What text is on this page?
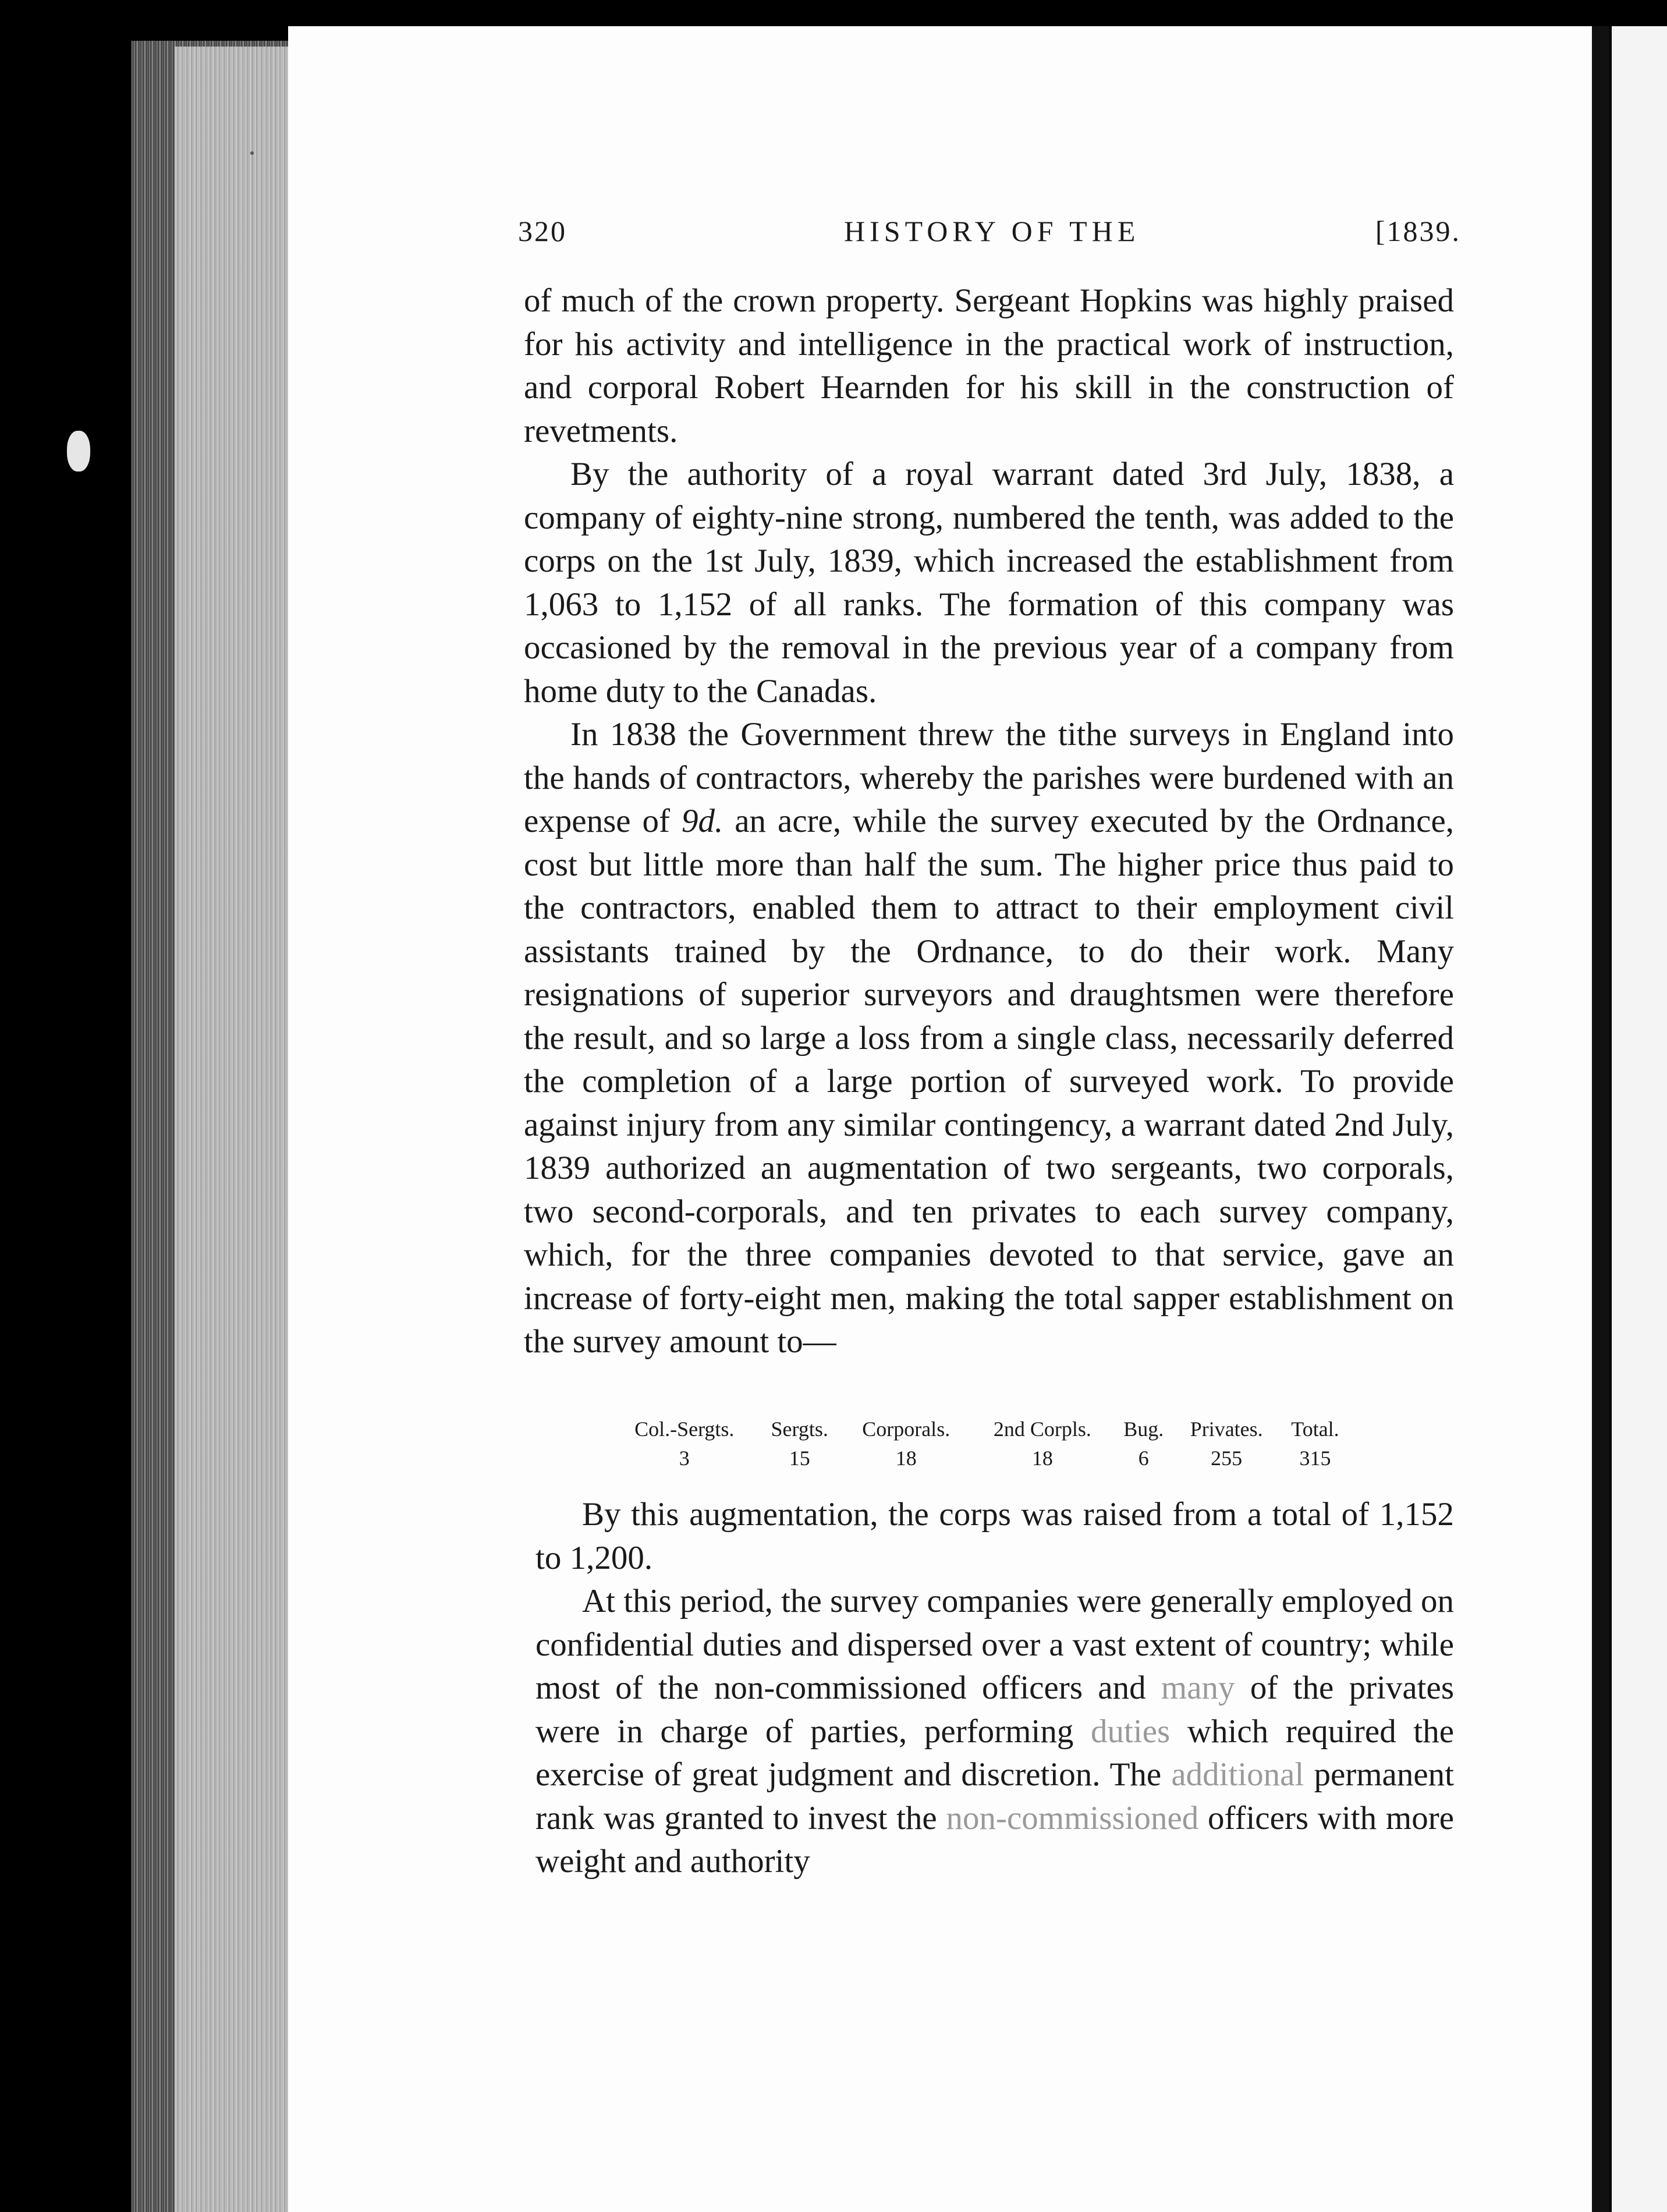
320	HISTORY OF THE	[1839.

of much of the crown property. Sergeant Hopkins was highly praised for his activity and intelligence in the practical work of instruction, and corporal Robert Hearnden for his skill in the construction of revetments.

By the authority of a royal warrant dated 3rd July, 1838, a company of eighty-nine strong, numbered the tenth, was added to the corps on the 1st July, 1839, which increased the establishment from 1,063 to 1,152 of all ranks. The formation of this company was occasioned by the removal in the previous year of a company from home duty to the Canadas.

In 1838 the Government threw the tithe surveys in England into the hands of contractors, whereby the parishes were burdened with an expense of 9d. an acre, while the survey executed by the Ordnance, cost but little more than half the sum. The higher price thus paid to the contractors, enabled them to attract to their employment civil assistants trained by the Ordnance, to do their work. Many resignations of superior surveyors and draughtsmen were therefore the result, and so large a loss from a single class, necessarily deferred the completion of a large portion of surveyed work. To provide against injury from any similar contingency, a warrant dated 2nd July, 1839 authorized an augmentation of two sergeants, two corporals, two second-corporals, and ten privates to each survey company, which, for the three companies devoted to that service, gave an increase of forty-eight men, making the total sapper establishment on the survey amount to—

Col.-Sergts.	Sergts.	Corporals.	2nd Corpls.	Bug.	Privates.	Total.
3	15	18	18	6	255	315

By this augmentation, the corps was raised from a total of 1,152 to 1,200.

At this period, the survey companies were generally employed on confidential duties and dispersed over a vast extent of country; while most of the non-commissioned officers and many of the privates were in charge of parties, performing duties which required the exercise of great judgment and discretion. The additional permanent rank was granted to invest the non-commissioned officers with more weight and authority
